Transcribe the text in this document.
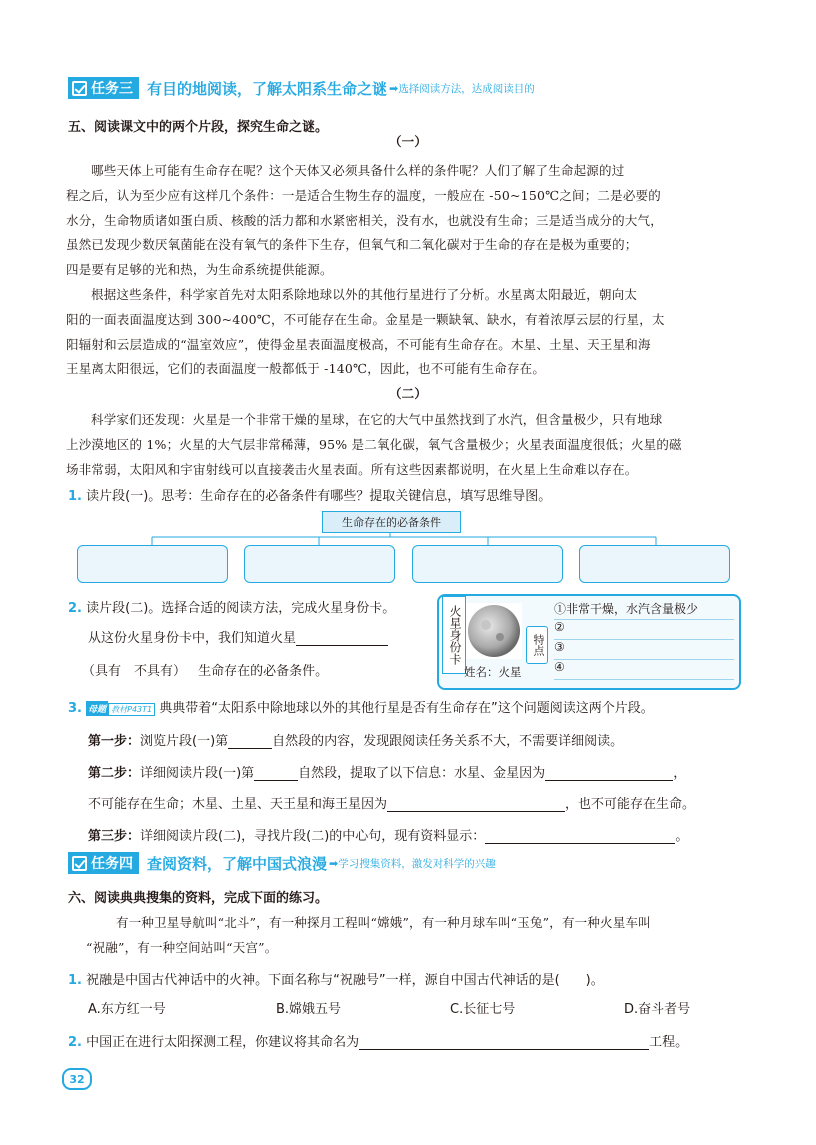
任务三 有目的地阅读，了解太阳系生命之谜 ➡ 选择阅读方法，达成阅读目的
五、阅读课文中的两个片段，探究生命之谜。
（一）
哪些天体上可能有生命存在呢？这个天体又必须具备什么样的条件呢？人们了解了生命起源的过
程之后，认为至少应有这样几个条件：一是适合生物生存的温度，一般应在 -50~150℃之间；二是必要的
水分，生命物质诸如蛋白质、核酸的活力都和水紧密相关，没有水，也就没有生命；三是适当成分的大气，
虽然已发现少数厌氧菌能在没有氧气的条件下生存，但氧气和二氧化碳对于生命的存在是极为重要的；
四是要有足够的光和热，为生命系统提供能源。
根据这些条件，科学家首先对太阳系除地球以外的其他行星进行了分析。水星离太阳最近，朝向太
阳的一面表面温度达到 300~400℃，不可能存在生命。金星是一颗缺氧、缺水，有着浓厚云层的行星，太
阳辐射和云层造成的“温室效应”，使得金星表面温度极高，不可能有生命存在。木星、土星、天王星和海
王星离太阳很远，它们的表面温度一般都低于 -140℃，因此，也不可能有生命存在。
（二）
科学家们还发现：火星是一个非常干燥的星球，在它的大气中虽然找到了水汽，但含量极少，只有地球
上沙漠地区的 1%；火星的大气层非常稀薄，95% 是二氧化碳，氧气含量极少；火星表面温度很低；火星的磁
场非常弱，太阳风和宇宙射线可以直接袭击火星表面。所有这些因素都说明，在火星上生命难以存在。
1. 读片段(一)。思考：生命存在的必备条件有哪些？提取关键信息，填写思维导图。
生命存在的必备条件
2. 读片段(二)。选择合适的阅读方法，完成火星身份卡。
从这份火星身份卡中，我们知道火星
（具有　不具有） 生命存在的必备条件。
火星身份卡
姓名：火星
特点
①非常干燥，水汽含量极少
②
③
④
3. 母题 教材P43T1 典典带着“太阳系中除地球以外的其他行星是否有生命存在”这个问题阅读这两个片段。
第一步：浏览片段(一)第	自然段的内容，发现跟阅读任务关系不大，不需要详细阅读。
第二步：详细阅读片段(一)第	自然段，提取了以下信息：水星、金星因为	，
不可能存在生命；木星、土星、天王星和海王星因为	，也不可能存在生命。
第三步：详细阅读片段(二)，寻找片段(二)的中心句，现有资料显示：	。
任务四 查阅资料，了解中国式浪漫 ➡ 学习搜集资料，激发对科学的兴趣
六、阅读典典搜集的资料，完成下面的练习。
有一种卫星导航叫“北斗”，有一种探月工程叫“嫦娥”，有一种月球车叫“玉兔”，有一种火星车叫
“祝融”，有一种空间站叫“天宫”。
1. 祝融是中国古代神话中的火神。下面名称与“祝融号”一样，源自中国古代神话的是(　　)。
A.东方红一号	B.嫦娥五号	C.长征七号	D.奋斗者号
2. 中国正在进行太阳探测工程，你建议将其命名为	工程。
32
